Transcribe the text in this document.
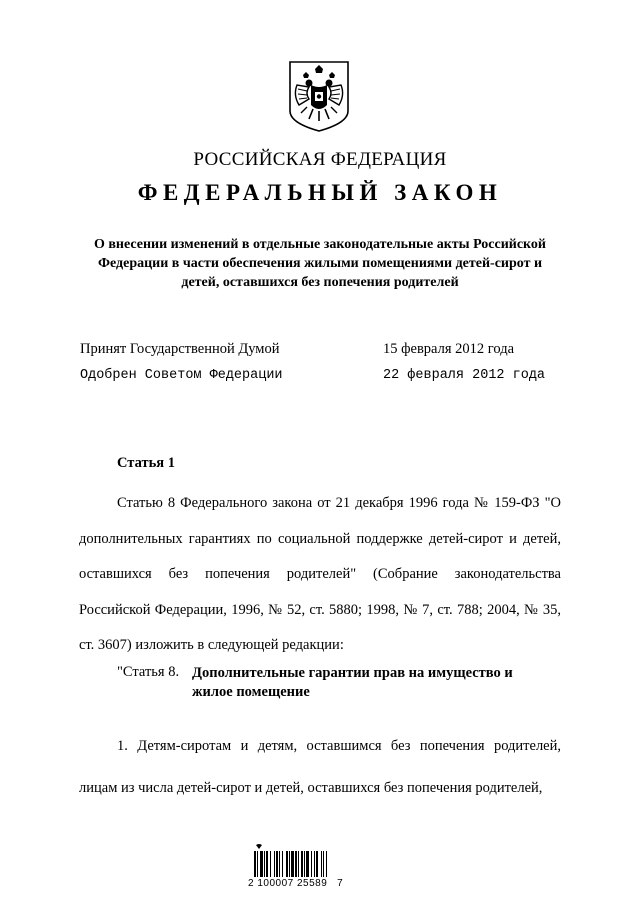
РОССИЙСКАЯ ФЕДЕРАЦИЯ
ФЕДЕРАЛЬНЫЙ ЗАКОН
О внесении изменений в отдельные законодательные акты Российской Федерации в части обеспечения жилыми помещениями детей-сирот и детей, оставшихся без попечения родителей
Принят Государственной Думой	15 февраля 2012 года
Одобрен Советом Федерации	22 февраля 2012 года
Статья 1
Статью 8 Федерального закона от 21 декабря 1996 года № 159-ФЗ "О дополнительных гарантиях по социальной поддержке детей-сирот и детей, оставшихся без попечения родителей" (Собрание законодательства Российской Федерации, 1996, № 52, ст. 5880; 1998, № 7, ст. 788; 2004, № 35, ст. 3607) изложить в следующей редакции:
"Статья 8. Дополнительные гарантии прав на имущество и жилое помещение
1. Детям-сиротам и детям, оставшимся без попечения родителей, лицам из числа детей-сирот и детей, оставшихся без попечения родителей,
2 100007 25589   7
